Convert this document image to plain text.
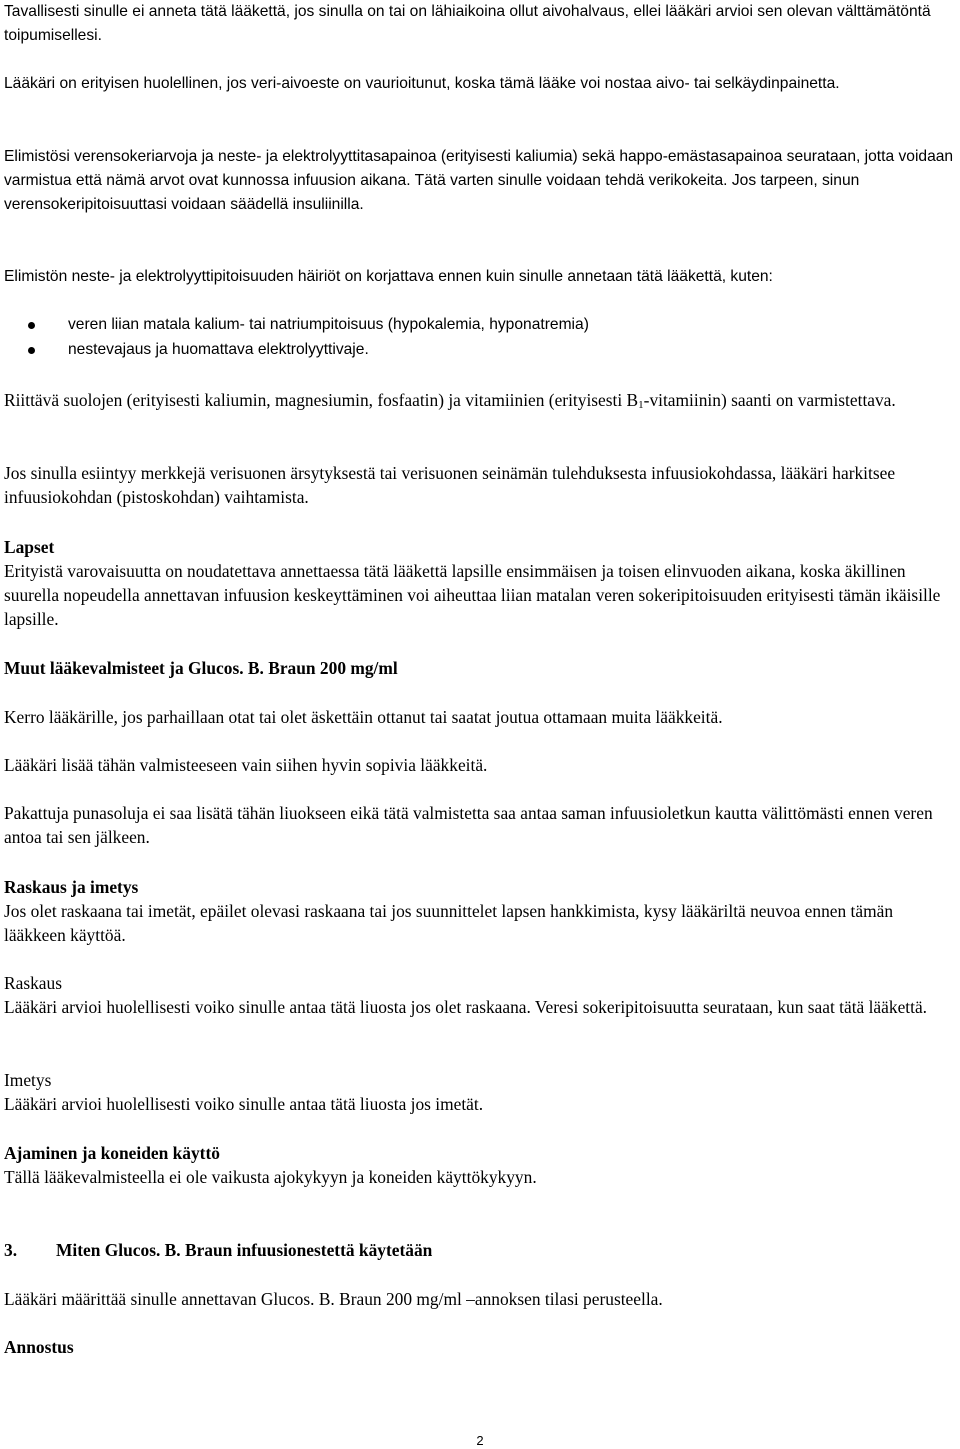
Tavallisesti sinulle ei anneta tätä lääkettä, jos sinulla on tai on lähiaikoina ollut aivohalvaus, ellei lääkäri arvioi sen olevan välttämätöntä toipumisellesi.

Lääkäri on erityisen huolellinen, jos veri-aivoeste on vaurioitunut, koska tämä lääke voi nostaa aivo- tai selkäydinpainetta.

Elimistösi verensokeriarvoja ja neste- ja elektrolyyttitasapainoa (erityisesti kaliumia) sekä happo-emästasapainoa seurataan, jotta voidaan varmistua että nämä arvot ovat kunnossa infuusion aikana. Tätä varten sinulle voidaan tehdä verikokeita. Jos tarpeen, sinun verensokeripitoisuuttasi voidaan säädellä insuliinilla.

Elimistön neste- ja elektrolyyttipitoisuuden häiriöt on korjattava ennen kuin sinulle annetaan tätä lääkettä, kuten:

veren liian matala kalium- tai natriumpitoisuus (hypokalemia, hyponatremia)
nestevajaus ja huomattava elektrolyyttivaje.
Riittävä suolojen (erityisesti kaliumin, magnesiumin, fosfaatin) ja vitamiinien (erityisesti $B_1-vitamiinin$) saanti on varmistettava.

Jos sinulla esiintyy merkkejä verisuonen ärsytyksestä tai verisuonen seinämän tulehduksesta infuusiokohdassa, lääkäri harkitsee infuusiokohdan (pistoskohdan) vaihtamista.

Lapset

Erityistä varovaisuutta on noudatettava annettaessa tätä lääkettä lapsille ensimmäisen ja toisen elinvuoden aikana, koska äkillinen suurella nopeudella annettavan infuusion keskeyttäminen voi aiheuttaa liian matalan veren sokeripitoisuuden erityisesti tämän ikäisille lapsille.

Muut lääkevalmisteet ja Glucos. B. Braun 200 mg/ml

Kerro lääkärille, jos parhaillaan otat tai olet äskettäin ottanut tai saatat joutua ottamaan muita lääkkeitä.

Lääkäri lisää tähän valmisteeseen vain siihen hyvin sopivia lääkkeitä.

Pakattuja punasoluja ei saa lisätä tähän liuokseen eikä tätä valmistetta saa antaa saman infuusioletkun kautta välittömästi ennen veren antoa tai sen jälkeen.

Raskaus ja imetys

Jos olet raskaana tai imetät, epäilet olevasi raskaana tai jos suunnittelet lapsen hankkimista, kysy lääkäriltä neuvoa ennen tämän lääkkeen käyttöä.

Raskaus

Lääkäri arvioi huolellisesti voiko sinulle antaa tätä liuosta jos olet raskaana. Veresi sokeripitoisuutta seurataan, kun saat tätä lääkettä.

Imetys

Lääkäri arvioi huolellisesti voiko sinulle antaa tätä liuosta jos imetät.

Ajaminen ja koneiden käyttö

Tällä lääkevalmisteella ei ole vaikusta ajokykyyn ja koneiden käyttökykyyn.

3. Miten Glucos. B. Braun infuusionestettä käytetään

Lääkäri määrittää sinulle annettavan Glucos. B. Braun 200 mg/ml –annoksen tilasi perusteella.

Annostus

2
